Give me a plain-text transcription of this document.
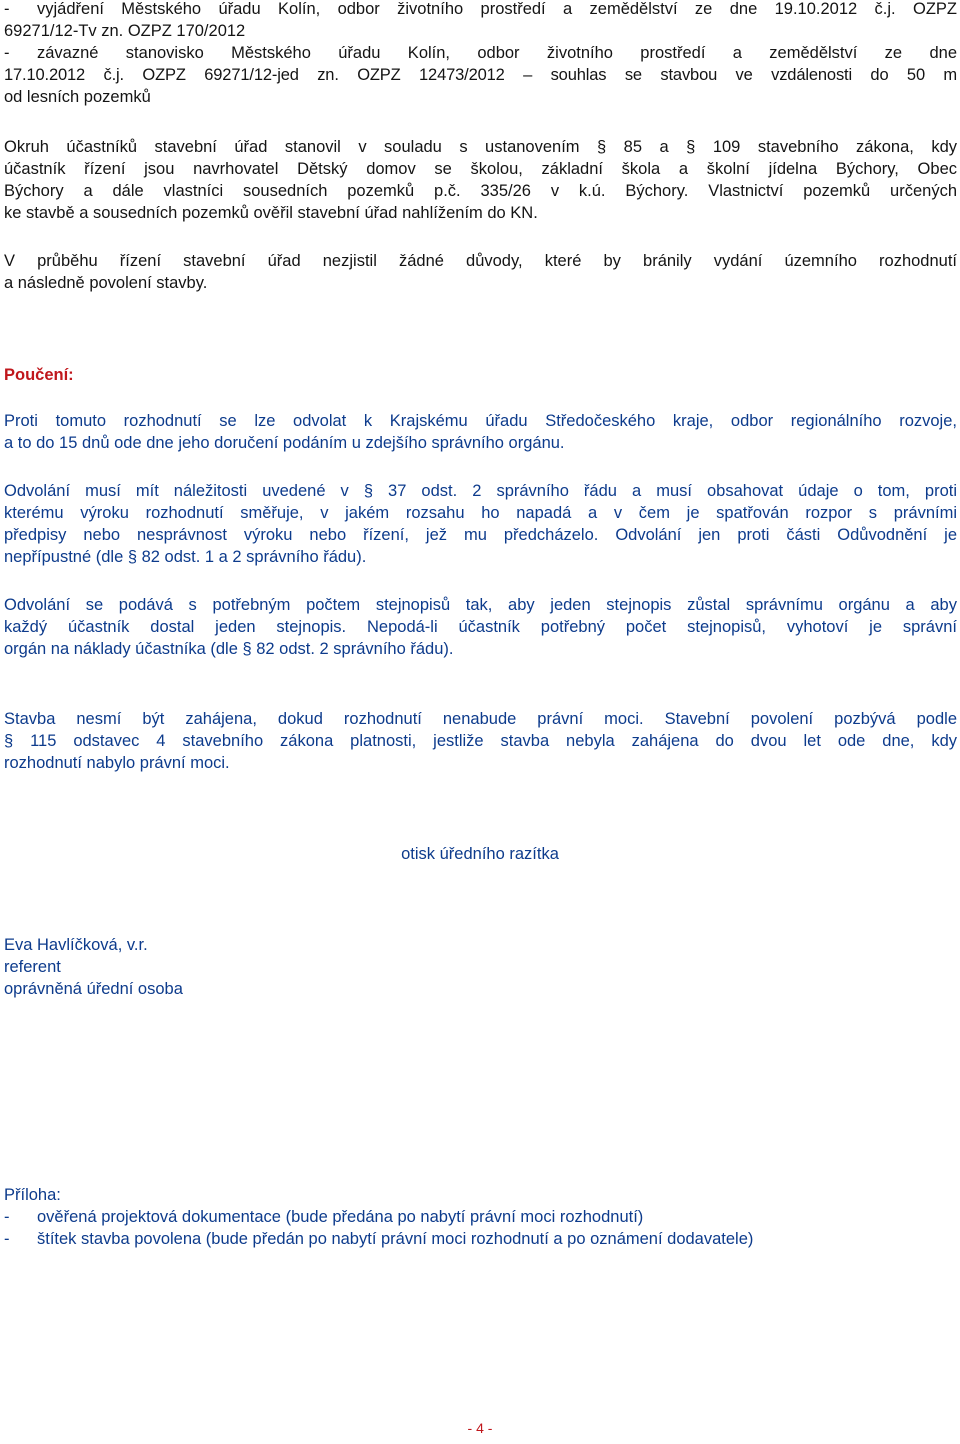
-	vyjádření Městského úřadu Kolín, odbor životního prostředí a zemědělství ze dne 19.10.2012 č.j. OZPZ
69271/12-Tv zn. OZPZ 170/2012
-	závazné stanovisko Městského úřadu Kolín, odbor životního prostředí a zemědělství ze dne
17.10.2012 č.j. OZPZ 69271/12-jed zn. OZPZ 12473/2012 – souhlas se stavbou ve vzdálenosti do 50 m
od lesních pozemků
Okruh účastníků stavební úřad stanovil v souladu s ustanovením § 85 a § 109 stavebního zákona, kdy
účastník řízení jsou navrhovatel Dětský domov se školou, základní škola a školní jídelna Býchory, Obec
Býchory a dále vlastníci sousedních pozemků p.č. 335/26 v k.ú. Býchory. Vlastnictví pozemků určených
ke stavbě a sousedních pozemků ověřil stavební úřad nahlížením do KN.
V průběhu řízení stavební úřad nezjistil žádné důvody, které by bránily vydání územního rozhodnutí
a následně povolení stavby.
Poučení:
Proti tomuto rozhodnutí se lze odvolat k Krajskému úřadu Středočeského kraje, odbor regionálního rozvoje,
a to do 15 dnů ode dne jeho doručení podáním u zdejšího správního orgánu.
Odvolání musí mít náležitosti uvedené v § 37 odst. 2 správního řádu a musí obsahovat údaje o tom, proti
kterému výroku rozhodnutí směřuje, v jakém rozsahu ho napadá a v čem je spatřován rozpor s právními
předpisy nebo nesprávnost výroku nebo řízení, jež mu předcházelo. Odvolání jen proti části Odůvodnění je
nepřípustné (dle § 82 odst. 1 a 2 správního řádu).
Odvolání se podává s potřebným počtem stejnopisů tak, aby jeden stejnopis zůstal správnímu orgánu a aby
každý účastník dostal jeden stejnopis. Nepodá-li účastník potřebný počet stejnopisů, vyhotoví je správní
orgán na náklady účastníka (dle § 82 odst. 2 správního řádu).
Stavba nesmí být zahájena, dokud rozhodnutí nenabude právní moci. Stavební povolení pozbývá podle
§ 115 odstavec 4 stavebního zákona platnosti, jestliže stavba nebyla zahájena do dvou let ode dne, kdy
rozhodnutí nabylo právní moci.
otisk úředního razítka
Eva Havlíčková, v.r.
referent
oprávněná úřední osoba
Příloha:
-	ověřená projektová dokumentace (bude předána po nabytí právní moci rozhodnutí)
-	štítek stavba povolena (bude předán po nabytí právní moci rozhodnutí a po oznámení dodavatele)
- 4 -
